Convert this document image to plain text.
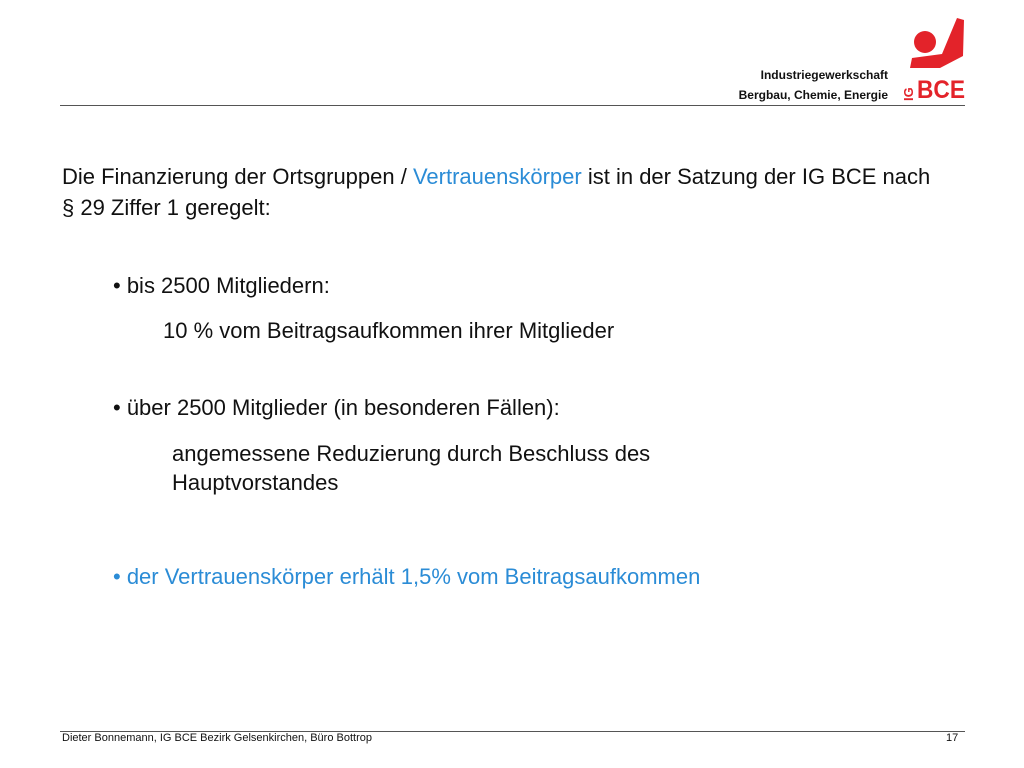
Industriegewerkschaft
Bergbau, Chemie, Energie IG BCE
Die Finanzierung der Ortsgruppen / Vertrauenskörper ist in der Satzung der IG BCE nach § 29 Ziffer 1 geregelt:
• bis 2500 Mitgliedern:
10 % vom Beitragsaufkommen ihrer Mitglieder
• über 2500 Mitglieder (in besonderen Fällen):
angemessene Reduzierung durch Beschluss des Hauptvorstandes
• der Vertrauenskörper erhält 1,5% vom Beitragsaufkommen
Dieter Bonnemann, IG BCE Bezirk Gelsenkirchen, Büro Bottrop	17
